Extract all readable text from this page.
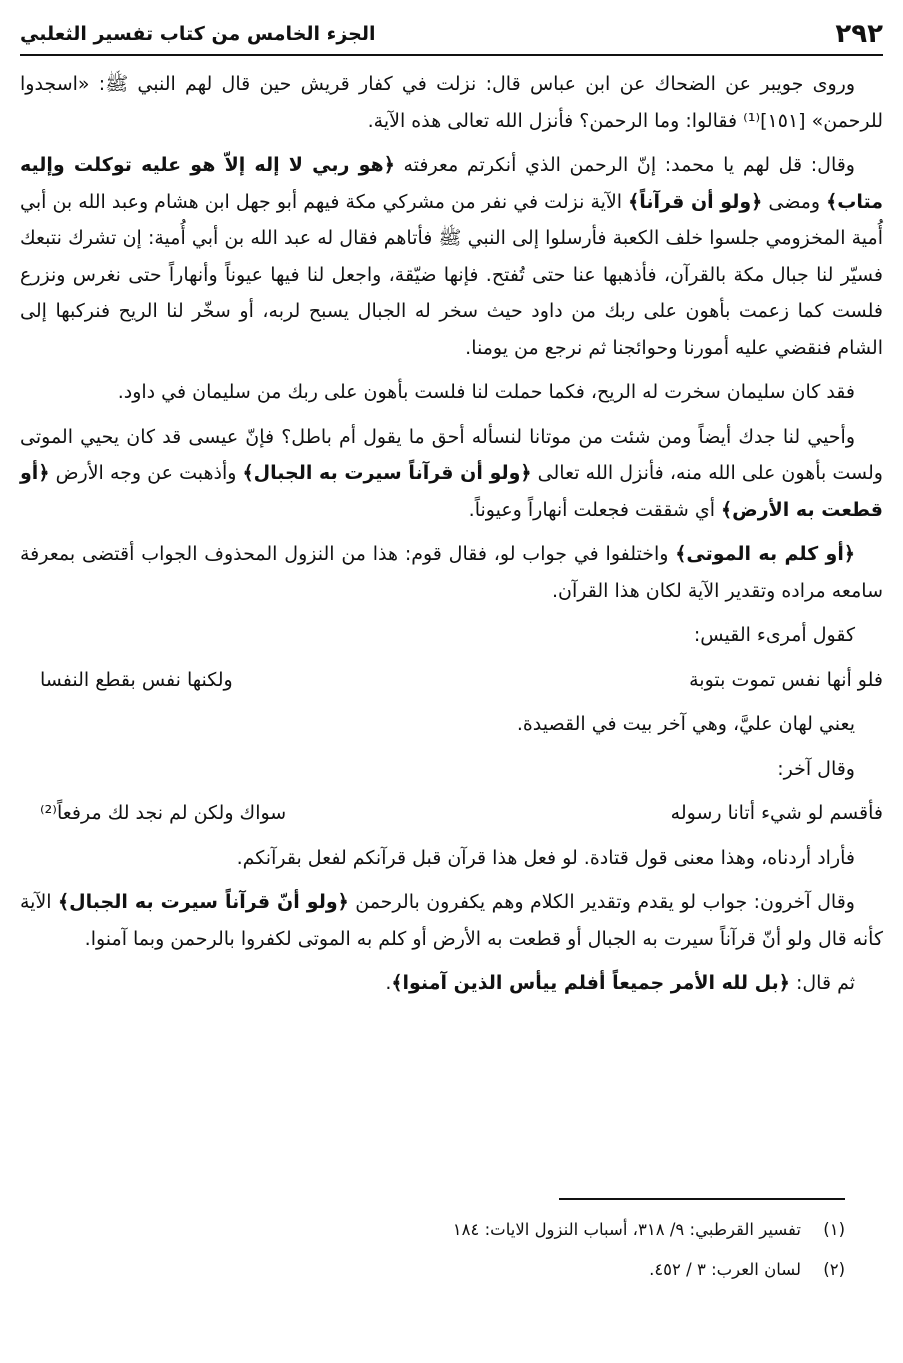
٢٩٢
الجزء الخامس من كتاب تفسير الثعلبي

وروى جويبر عن الضحاك عن ابن عباس قال: نزلت في كفار قريش حين قال لهم النبي ﷺ: «اسجدوا للرحمن» [١٥١]⁽¹⁾ فقالوا: وما الرحمن؟ فأنزل الله تعالى هذه الآية.

وقال: قل لهم يا محمد: إنّ الرحمن الذي أنكرتم معرفته ﴿هو ربي لا إله إلاّ هو عليه توكلت وإليه متاب﴾ ومضى ﴿ولو أن قرآناً﴾ الآية نزلت في نفر من مشركي مكة فيهم أبو جهل ابن هشام وعبد الله بن أبي أُمية المخزومي جلسوا خلف الكعبة فأرسلوا إلى النبي ﷺ فأتاهم فقال له عبد الله بن أبي أُمية: إن تشرك نتبعك فسيّر لنا جبال مكة بالقرآن، فأذهبها عنا حتى تُفتح. فإنها ضيّقة، واجعل لنا فيها عيوناً وأنهاراً حتى نغرس ونزرع فلست كما زعمت بأهون على ربك من داود حيث سخر له الجبال يسبح لربه، أو سخّر لنا الريح فنركبها إلى الشام فنقضي عليه أمورنا وحوائجنا ثم نرجع من يومنا.

فقد كان سليمان سخرت له الريح، فكما حملت لنا فلست بأهون على ربك من سليمان في داود.

وأحيي لنا جدك أيضاً ومن شئت من موتانا لنسأله أحق ما يقول أم باطل؟ فإنّ عيسى قد كان يحيي الموتى ولست بأهون على الله منه، فأنزل الله تعالى ﴿ولو أن قرآناً سيرت به الجبال﴾ وأذهبت عن وجه الأرض ﴿أو قطعت به الأرض﴾ أي شققت فجعلت أنهاراً وعيوناً.

﴿أو كلم به الموتى﴾ واختلفوا في جواب لو، فقال قوم: هذا من النزول المحذوف الجواب أقتضى بمعرفة سامعه مراده وتقدير الآية لكان هذا القرآن.

كقول أمرىء القيس:

فلو أنها نفس تموت بتوبة
ولكنها نفس بقطع النفسا

يعني لهان عليَّ، وهي آخر بيت في القصيدة.

وقال آخر:

فأقسم لو شيء أتانا رسوله
سواك ولكن لم نجد لك مرفعاً⁽²⁾

فأراد أردناه، وهذا معنى قول قتادة. لو فعل هذا قرآن قبل قرآنكم لفعل بقرآنكم.

وقال آخرون: جواب لو يقدم وتقدير الكلام وهم يكفرون بالرحمن ﴿ولو أنّ قرآناً سيرت به الجبال﴾ الآية كأنه قال ولو أنّ قرآناً سيرت به الجبال أو قطعت به الأرض أو كلم به الموتى لكفروا بالرحمن وبما آمنوا.

ثم قال: ﴿بل لله الأمر جميعاً أفلم ييأس الذين آمنوا﴾.

(١)
تفسير القرطبي: ٩/ ٣١٨، أسباب النزول الايات: ١٨٤
(٢)
لسان العرب: ٣ / ٤٥٢.
